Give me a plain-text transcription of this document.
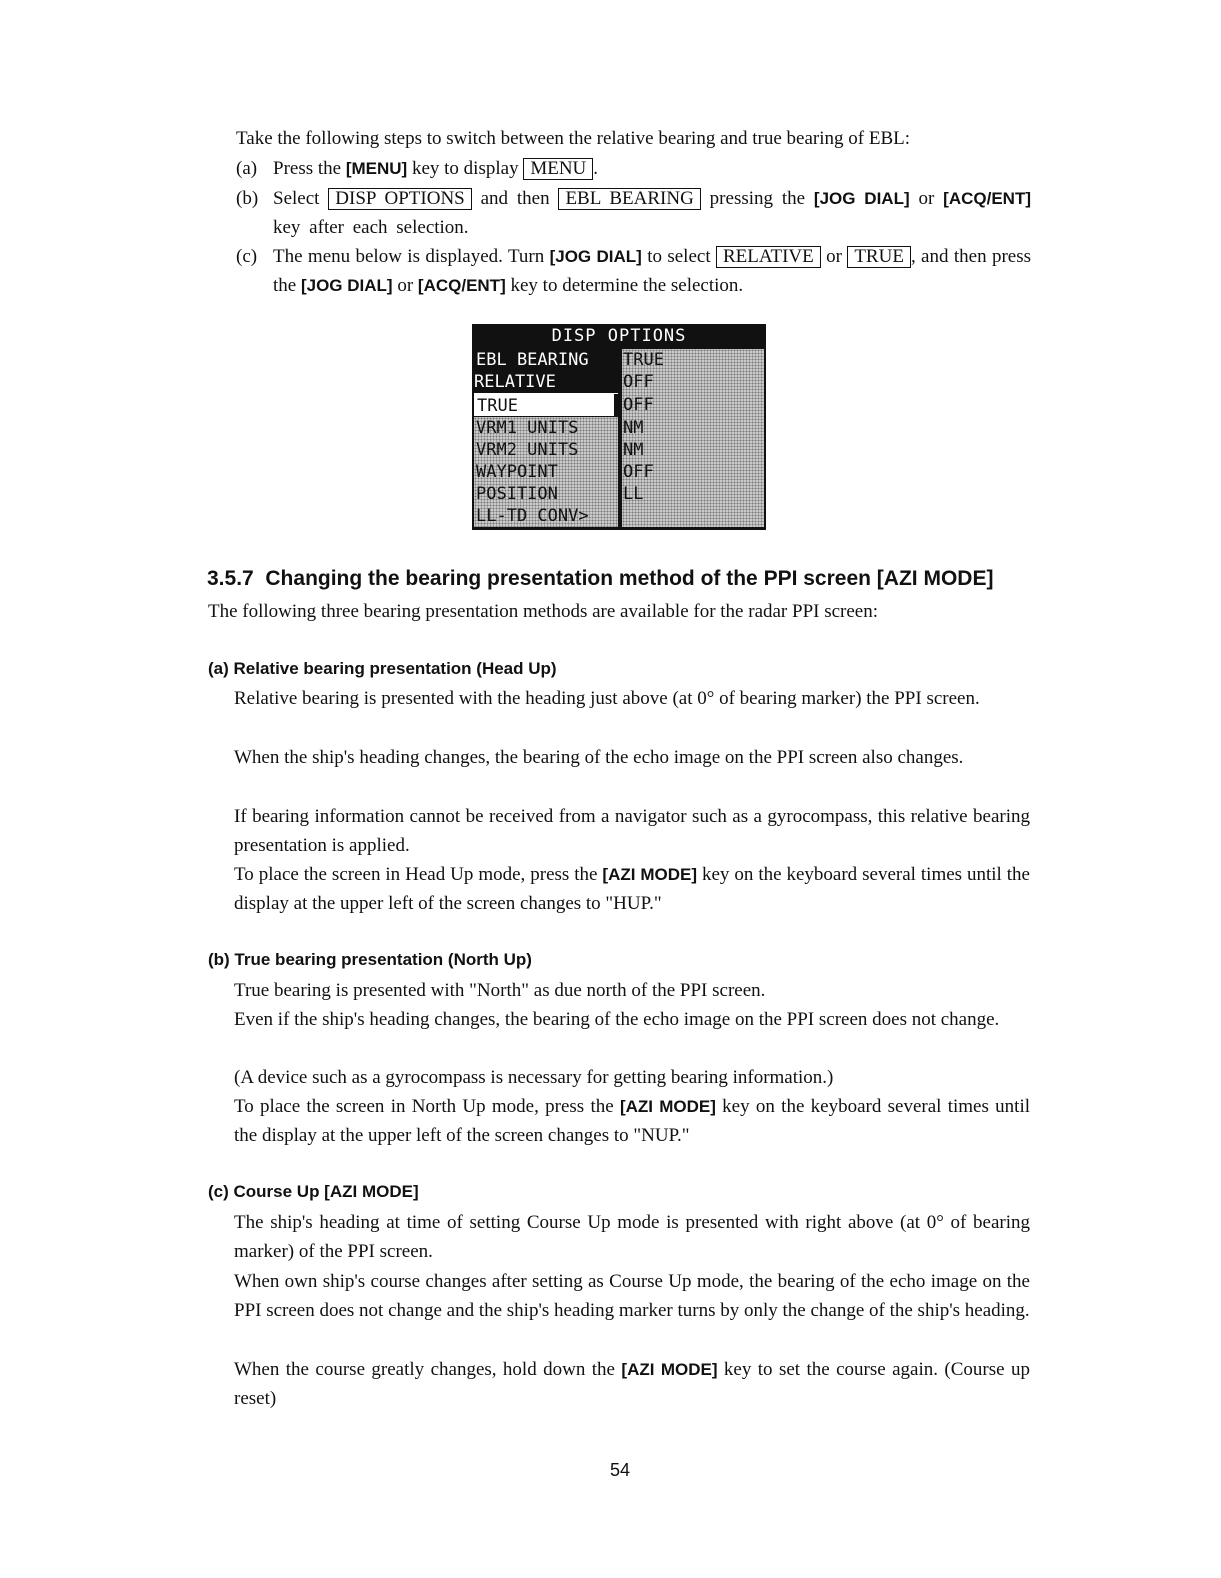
Take the following steps to switch between the relative bearing and true bearing of EBL:
(a) Press the [MENU] key to display MENU .
(b) Select DISP OPTIONS and then EBL BEARING pressing the [JOG DIAL] or [ACQ/ENT] key after each selection.
(c) The menu below is displayed. Turn [JOG DIAL] to select RELATIVE or TRUE , and then press the [JOG DIAL] or [ACQ/ENT] key to determine the selection.
DISP OPTIONS
EBL BEARING
RELATIVE
TRUE
VRM1 UNITS
VRM2 UNITS
WAYPOINT
POSITION
LL-TD CONV>
TRUE
OFF
OFF
NM
NM
OFF
LL
3.5.7 Changing the bearing presentation method of the PPI screen [AZI MODE]
The following three bearing presentation methods are available for the radar PPI screen:
(a) Relative bearing presentation (Head Up)
Relative bearing is presented with the heading just above (at 0° of bearing marker) the PPI screen.
When the ship's heading changes, the bearing of the echo image on the PPI screen also changes.
If bearing information cannot be received from a navigator such as a gyrocompass, this relative bearing presentation is applied.
To place the screen in Head Up mode, press the [AZI MODE] key on the keyboard several times until the display at the upper left of the screen changes to "HUP."
(b) True bearing presentation (North Up)
True bearing is presented with "North" as due north of the PPI screen.
Even if the ship's heading changes, the bearing of the echo image on the PPI screen does not change.
(A device such as a gyrocompass is necessary for getting bearing information.)
To place the screen in North Up mode, press the [AZI MODE] key on the keyboard several times until the display at the upper left of the screen changes to "NUP."
(c) Course Up [AZI MODE]
The ship's heading at time of setting Course Up mode is presented with right above (at 0° of bearing marker) of the PPI screen.
When own ship's course changes after setting as Course Up mode, the bearing of the echo image on the PPI screen does not change and the ship's heading marker turns by only the change of the ship's heading.
When the course greatly changes, hold down the [AZI MODE] key to set the course again. (Course up reset)
54
